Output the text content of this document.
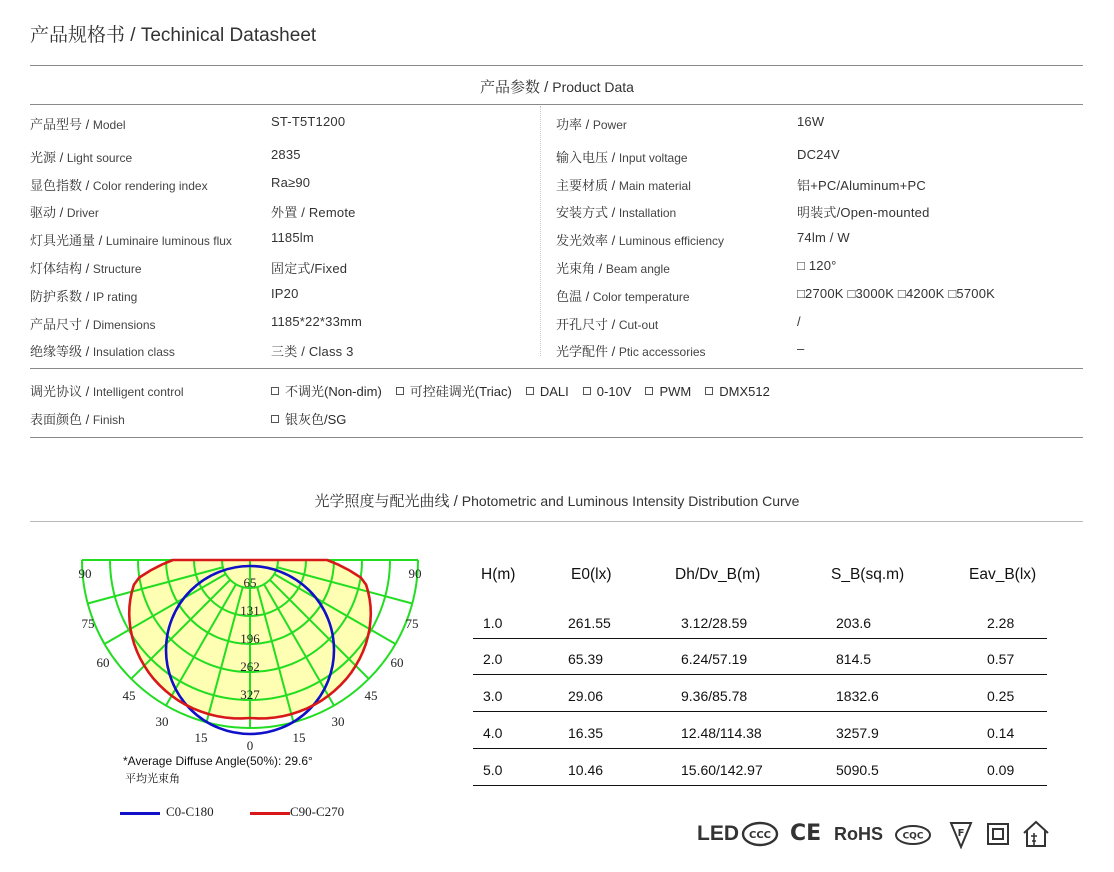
产品规格书 / Techinical Datasheet
产品参数 / Product Data
产品型号 / Model	ST-T5T1200	功率 / Power	16W
光源 / Light source	2835	输入电压 / Input voltage	DC24V
显色指数 / Color rendering index	Ra≥90	主要材质 / Main material	铝+PC/Aluminum+PC
驱动 / Driver	外置 / Remote	安装方式 / Installation	明装式/Open-mounted
灯具光通量 / Luminaire luminous flux	1185lm	发光效率 / Luminous efficiency	74lm / W
灯体结构 / Structure	固定式/Fixed	光束角 / Beam angle	□ 120°
防护系数 / IP rating	IP20	色温 / Color temperature	□2700K □3000K □4200K □5700K
产品尺寸 / Dimensions	1185*22*33mm	开孔尺寸 / Cut-out	/
绝缘等级 / Insulation class	三类 / Class 3	光学配件 / Ptic accessories	–
调光协议 / Intelligent control	不调光(Non-dim) 可控硅调光(Triac) DALI 0-10V PWM DMX512
表面颜色 / Finish	银灰色/SG
光学照度与配光曲线 / Photometric and Luminous Intensity Distribution Curve
90	90
75	75
60	60
45	45
30	30
15	15
0
65
131
196
262
327
*Average Diffuse Angle(50%): 29.6°
平均光束角
C0-C180	C90-C270
H(m)	E0(lx)	Dh/Dv_B(m)	S_B(sq.m)	Eav_B(lx)
1.0	261.55	3.12/28.59	203.6	2.28
2.0	65.39	6.24/57.19	814.5	0.57
3.0	29.06	9.36/85.78	1832.6	0.25
4.0	16.35	12.48/114.38	3257.9	0.14
5.0	10.46	15.60/142.97	5090.5	0.09
LED CCC CE RoHS CQC	F
